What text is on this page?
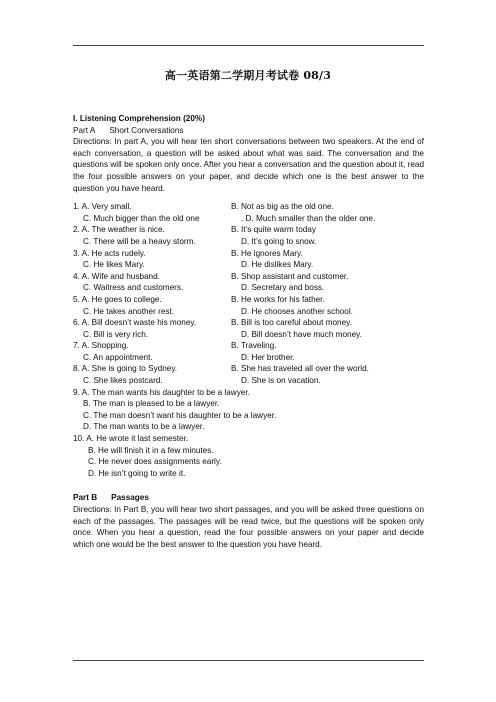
高一英语第二学期月考试卷 08/3
I. Listening Comprehension (20%)
Part A Short Conversations
Directions: In part A, you will hear ten short conversations between two speakers. At the end of each conversation, a question will be asked about what was said. The conversation and the questions will be spoken only once. After you hear a conversation and the question about it, read the four possible answers on your paper, and decide which one is the best answer to the question you have heard.
1. A. Very small.	B. Not as big as the old one.
C. Much bigger than the old one	. D. Much smaller than the older one.
2. A. The weather is nice.	B. It’s quite warm today
C. There will be a heavy storm.	D. It’s going to snow.
3. A. He acts rudely.	B. He ignores Mary.
C. He likes Mary.	D. He dislikes Mary.
4. A. Wife and husband.	B. Shop assistant and customer.
C. Waitress and customers.	D. Secretary and boss.
5. A. He goes to college.	B. He works for his father.
C. He takes another rest.	D. He chooses another school.
6. A. Bill doesn’t waste his money.	B. Bill is too careful about money.
C. Bill is very rich.	D. Bill doesn’t have much money.
7. A. Shopping.	B. Traveling.
C. An appointment.	D. Her brother.
8. A. She is going to Sydney.	B. She has traveled all over the world.
C. She likes postcard.	D. She is on vacation.
9. A. The man wants his daughter to be a lawyer.
B. The man is pleased to be a lawyer.
C. The man doesn’t want his daughter to be a lawyer.
D. The man wants to be a lawyer.
10. A. He wrote it last semester.
B. He will finish it in a few minutes.
C. He never does assignments early.
D. He isn’t going to write it.
Part B Passages
Directions: In Part B, you will hear two short passages, and you will be asked three questions on each of the passages. The passages will be read twice, but the questions will be spoken only once. When you hear a question, read the four possible answers on your paper and decide which one would be the best answer to the question you have heard.
